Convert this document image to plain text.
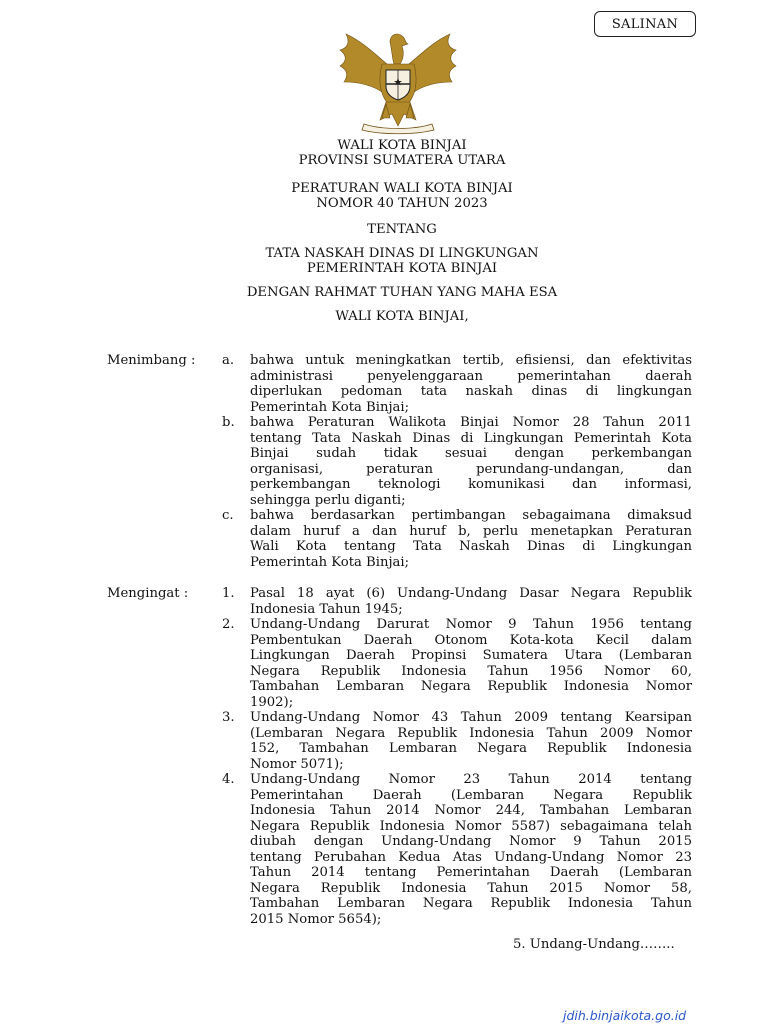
SALINAN
WALI KOTA BINJAI
PROVINSI SUMATERA UTARA
PERATURAN WALI KOTA BINJAI
NOMOR 40 TAHUN 2023
TENTANG
TATA NASKAH DINAS DI LINGKUNGAN
PEMERINTAH KOTA BINJAI
DENGAN RAHMAT TUHAN YANG MAHA ESA
WALI KOTA BINJAI,
Menimbang : a.	bahwa untuk meningkatkan tertib, efisiensi, dan efektivitas
administrasi penyelenggaraan pemerintahan daerah
diperlukan pedoman tata naskah dinas di lingkungan
Pemerintah Kota Binjai;
b.	bahwa Peraturan Walikota Binjai Nomor 28 Tahun 2011
tentang Tata Naskah Dinas di Lingkungan Pemerintah Kota
Binjai sudah tidak sesuai dengan perkembangan
organisasi, peraturan perundang-undangan, dan
perkembangan teknologi komunikasi dan informasi,
sehingga perlu diganti;
c.	bahwa berdasarkan pertimbangan sebagaimana dimaksud
dalam huruf a dan huruf b, perlu menetapkan Peraturan
Wali Kota tentang Tata Naskah Dinas di Lingkungan
Pemerintah Kota Binjai;
Mengingat :	1.	Pasal 18 ayat (6) Undang-Undang Dasar Negara Republik
Indonesia Tahun 1945;
2.	Undang-Undang Darurat Nomor 9 Tahun 1956 tentang
Pembentukan Daerah Otonom Kota-kota Kecil dalam
Lingkungan Daerah Propinsi Sumatera Utara (Lembaran
Negara Republik Indonesia Tahun 1956 Nomor 60,
Tambahan Lembaran Negara Republik Indonesia Nomor
1902);
3.	Undang-Undang Nomor 43 Tahun 2009 tentang Kearsipan
(Lembaran Negara Republik Indonesia Tahun 2009 Nomor
152, Tambahan Lembaran Negara Republik Indonesia
Nomor 5071);
4.	Undang-Undang Nomor 23 Tahun 2014 tentang
Pemerintahan Daerah (Lembaran Negara Republik
Indonesia Tahun 2014 Nomor 244, Tambahan Lembaran
Negara Republik Indonesia Nomor 5587) sebagaimana telah
diubah dengan Undang-Undang Nomor 9 Tahun 2015
tentang Perubahan Kedua Atas Undang-Undang Nomor 23
Tahun 2014 tentang Pemerintahan Daerah (Lembaran
Negara Republik Indonesia Tahun 2015 Nomor 58,
Tambahan Lembaran Negara Republik Indonesia Tahun
2015 Nomor 5654);
5. Undang-Undang……..
jdih.binjaikota.go.id
